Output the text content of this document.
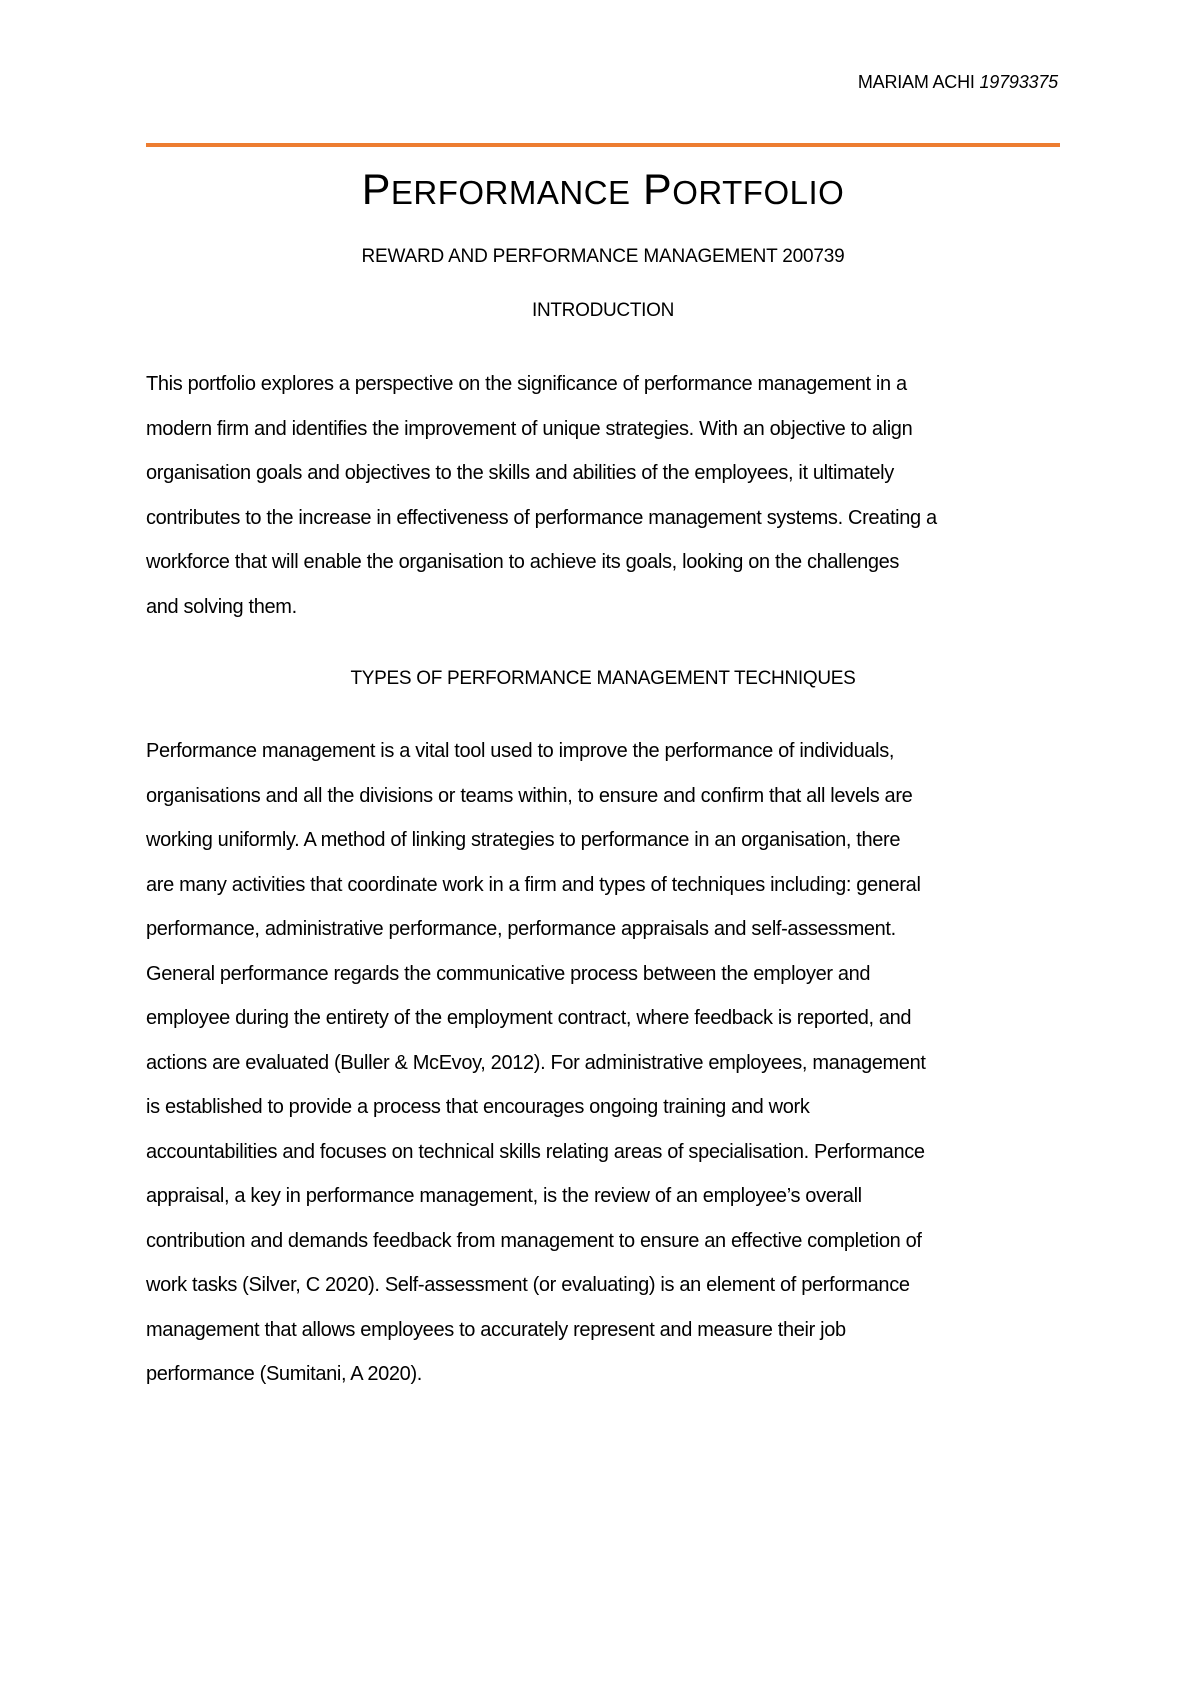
MARIAM ACHI 19793375
PERFORMANCE PORTFOLIO
REWARD AND PERFORMANCE MANAGEMENT 200739
INTRODUCTION

This portfolio explores a perspective on the significance of performance management in a
modern firm and identifies the improvement of unique strategies. With an objective to align
organisation goals and objectives to the skills and abilities of the employees, it ultimately
contributes to the increase in effectiveness of performance management systems. Creating a
workforce that will enable the organisation to achieve its goals, looking on the challenges
and solving them.

TYPES OF PERFORMANCE MANAGEMENT TECHNIQUES

Performance management is a vital tool used to improve the performance of individuals,
organisations and all the divisions or teams within, to ensure and confirm that all levels are
working uniformly. A method of linking strategies to performance in an organisation, there
are many activities that coordinate work in a firm and types of techniques including: general
performance, administrative performance, performance appraisals and self-assessment.
General performance regards the communicative process between the employer and
employee during the entirety of the employment contract, where feedback is reported, and
actions are evaluated (Buller & McEvoy, 2012). For administrative employees, management
is established to provide a process that encourages ongoing training and work
accountabilities and focuses on technical skills relating areas of specialisation. Performance
appraisal, a key in performance management, is the review of an employee’s overall
contribution and demands feedback from management to ensure an effective completion of
work tasks (Silver, C 2020). Self-assessment (or evaluating) is an element of performance
management that allows employees to accurately represent and measure their job
performance (Sumitani, A 2020).
